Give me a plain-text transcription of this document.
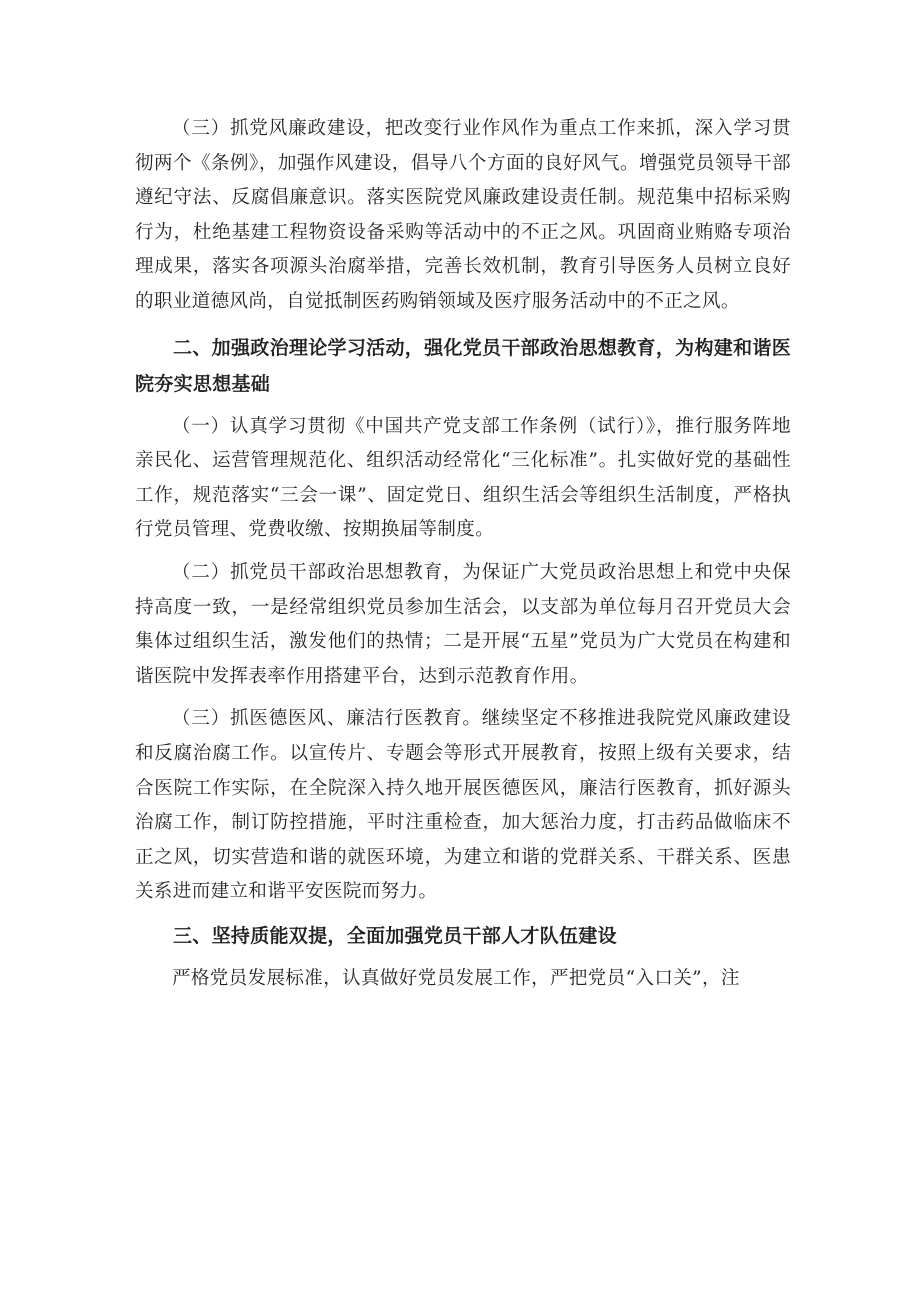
（三）抓党风廉政建设，把改变行业作风作为重点工作来抓，深入学习贯彻两个《条例》，加强作风建设，倡导八个方面的良好风气。增强党员领导干部遵纪守法、反腐倡廉意识。落实医院党风廉政建设责任制。规范集中招标采购行为，杜绝基建工程物资设备采购等活动中的不正之风。巩固商业贿赂专项治理成果，落实各项源头治腐举措，完善长效机制，教育引导医务人员树立良好的职业道德风尚，自觉抵制医药购销领域及医疗服务活动中的不正之风。

二、加强政治理论学习活动，强化党员干部政治思想教育，为构建和谐医院夯实思想基础

（一）认真学习贯彻《中国共产党支部工作条例（试行）》，推行服务阵地亲民化、运营管理规范化、组织活动经常化“三化标准”。扎实做好党的基础性工作，规范落实“三会一课”、固定党日、组织生活会等组织生活制度，严格执行党员管理、党费收缴、按期换届等制度。

（二）抓党员干部政治思想教育，为保证广大党员政治思想上和党中央保持高度一致，一是经常组织党员参加生活会，以支部为单位每月召开党员大会集体过组织生活，激发他们的热情；二是开展“五星”党员为广大党员在构建和谐医院中发挥表率作用搭建平台，达到示范教育作用。

（三）抓医德医风、廉洁行医教育。继续坚定不移推进我院党风廉政建设和反腐治腐工作。以宣传片、专题会等形式开展教育，按照上级有关要求，结合医院工作实际，在全院深入持久地开展医德医风，廉洁行医教育，抓好源头治腐工作，制订防控措施，平时注重检查，加大惩治力度，打击药品做临床不正之风，切实营造和谐的就医环境，为建立和谐的党群关系、干群关系、医患关系进而建立和谐平安医院而努力。

三、坚持质能双提，全面加强党员干部人才队伍建设

严格党员发展标准，认真做好党员发展工作，严把党员“入口关”，注
